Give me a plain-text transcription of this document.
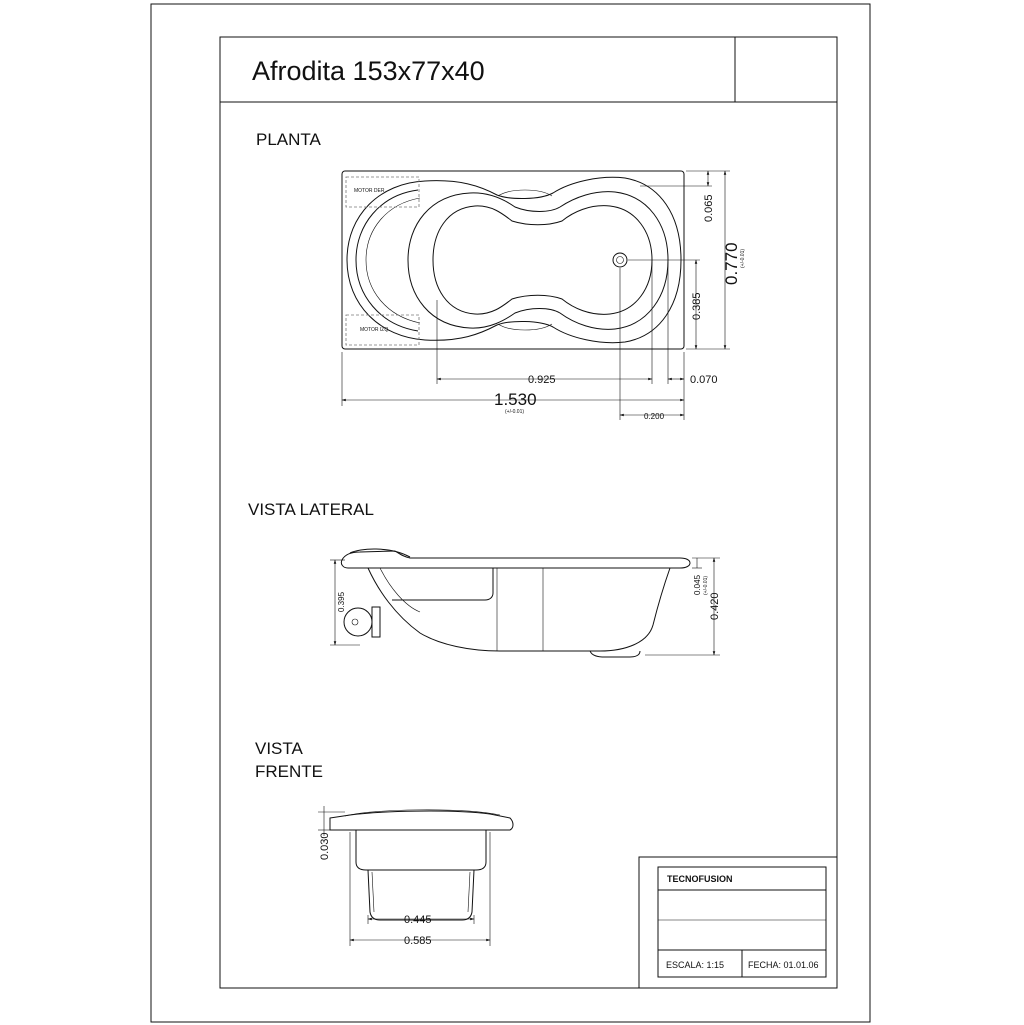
Afrodita 153x77x40
PLANTA
VISTA LATERAL
VISTA
FRENTE
MOTOR DER.
MOTOR IZQ.
1.530
(+/-0.01)
0.925	0.070
0.200
0.770 (+/-0.01)
0.065
0.385
0.395
0.045 (+/-0.01)
0.420
0.030
0.445
0.585
TECNOFUSION
ESCALA: 1:15	FECHA: 01.01.06
